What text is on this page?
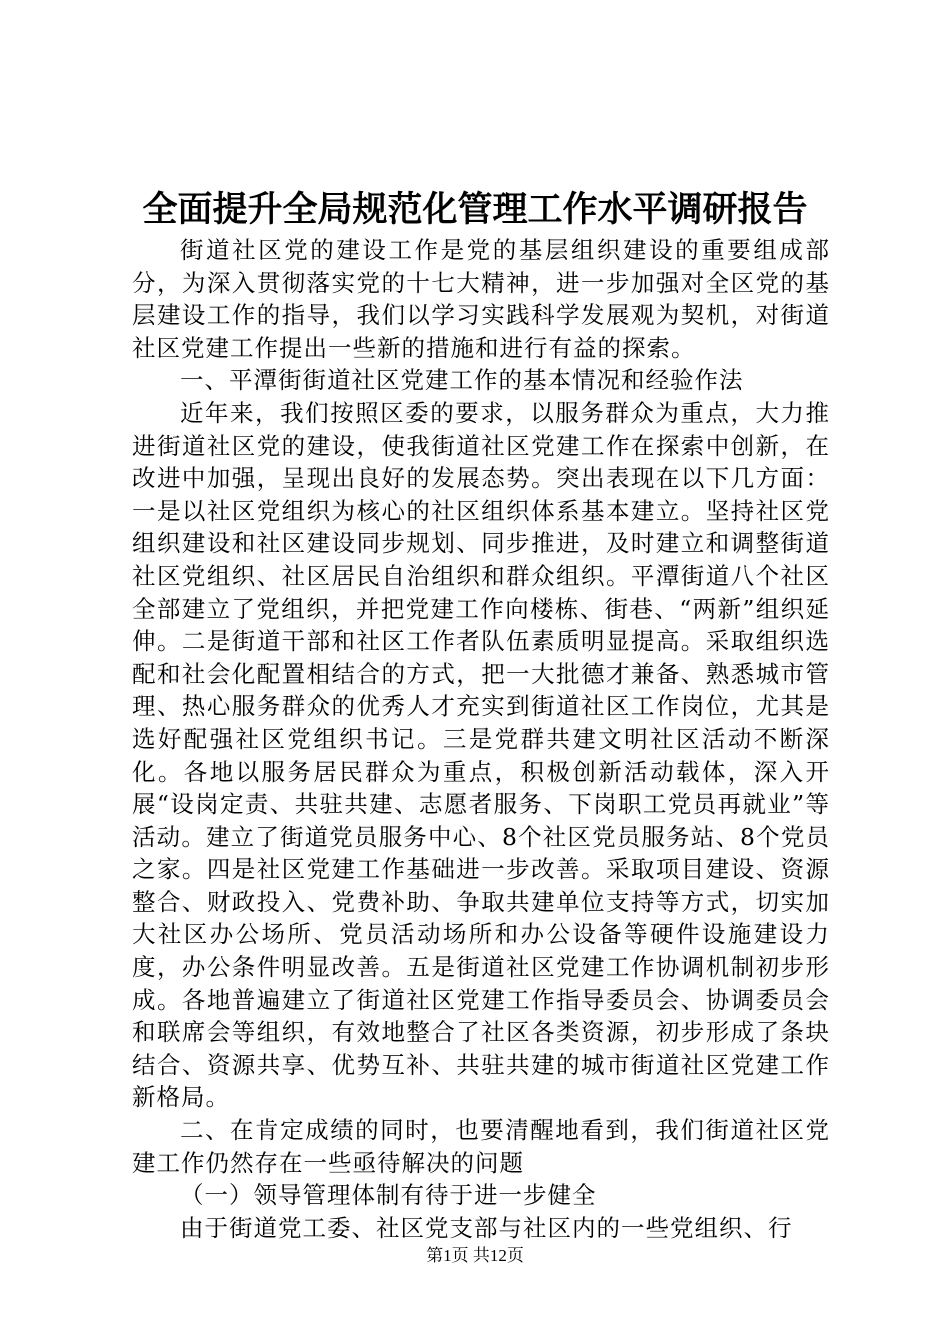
全面提升全局规范化管理工作水平调研报告

街道社区党的建设工作是党的基层组织建设的重要组成部分，为深入贯彻落实党的十七大精神，进一步加强对全区党的基层建设工作的指导，我们以学习实践科学发展观为契机，对街道社区党建工作提出一些新的措施和进行有益的探索。

一、平潭街街道社区党建工作的基本情况和经验作法

近年来，我们按照区委的要求，以服务群众为重点，大力推进街道社区党的建设，使我街道社区党建工作在探索中创新，在改进中加强，呈现出良好的发展态势。突出表现在以下几方面：一是以社区党组织为核心的社区组织体系基本建立。坚持社区党组织建设和社区建设同步规划、同步推进，及时建立和调整街道社区党组织、社区居民自治组织和群众组织。平潭街道八个社区全部建立了党组织，并把党建工作向楼栋、街巷、“两新”组织延伸。二是街道干部和社区工作者队伍素质明显提高。采取组织选配和社会化配置相结合的方式，把一大批德才兼备、熟悉城市管理、热心服务群众的优秀人才充实到街道社区工作岗位，尤其是选好配强社区党组织书记。三是党群共建文明社区活动不断深化。各地以服务居民群众为重点，积极创新活动载体，深入开展“设岗定责、共驻共建、志愿者服务、下岗职工党员再就业”等活动。建立了街道党员服务中心、8个社区党员服务站、8个党员之家。四是社区党建工作基础进一步改善。采取项目建设、资源整合、财政投入、党费补助、争取共建单位支持等方式，切实加大社区办公场所、党员活动场所和办公设备等硬件设施建设力度，办公条件明显改善。五是街道社区党建工作协调机制初步形成。各地普遍建立了街道社区党建工作指导委员会、协调委员会和联席会等组织，有效地整合了社区各类资源，初步形成了条块结合、资源共享、优势互补、共驻共建的城市街道社区党建工作新格局。

二、在肯定成绩的同时，也要清醒地看到，我们街道社区党建工作仍然存在一些亟待解决的问题

（一）领导管理体制有待于进一步健全

由于街道党工委、社区党支部与社区内的一些党组织、行

第1页 共12页
